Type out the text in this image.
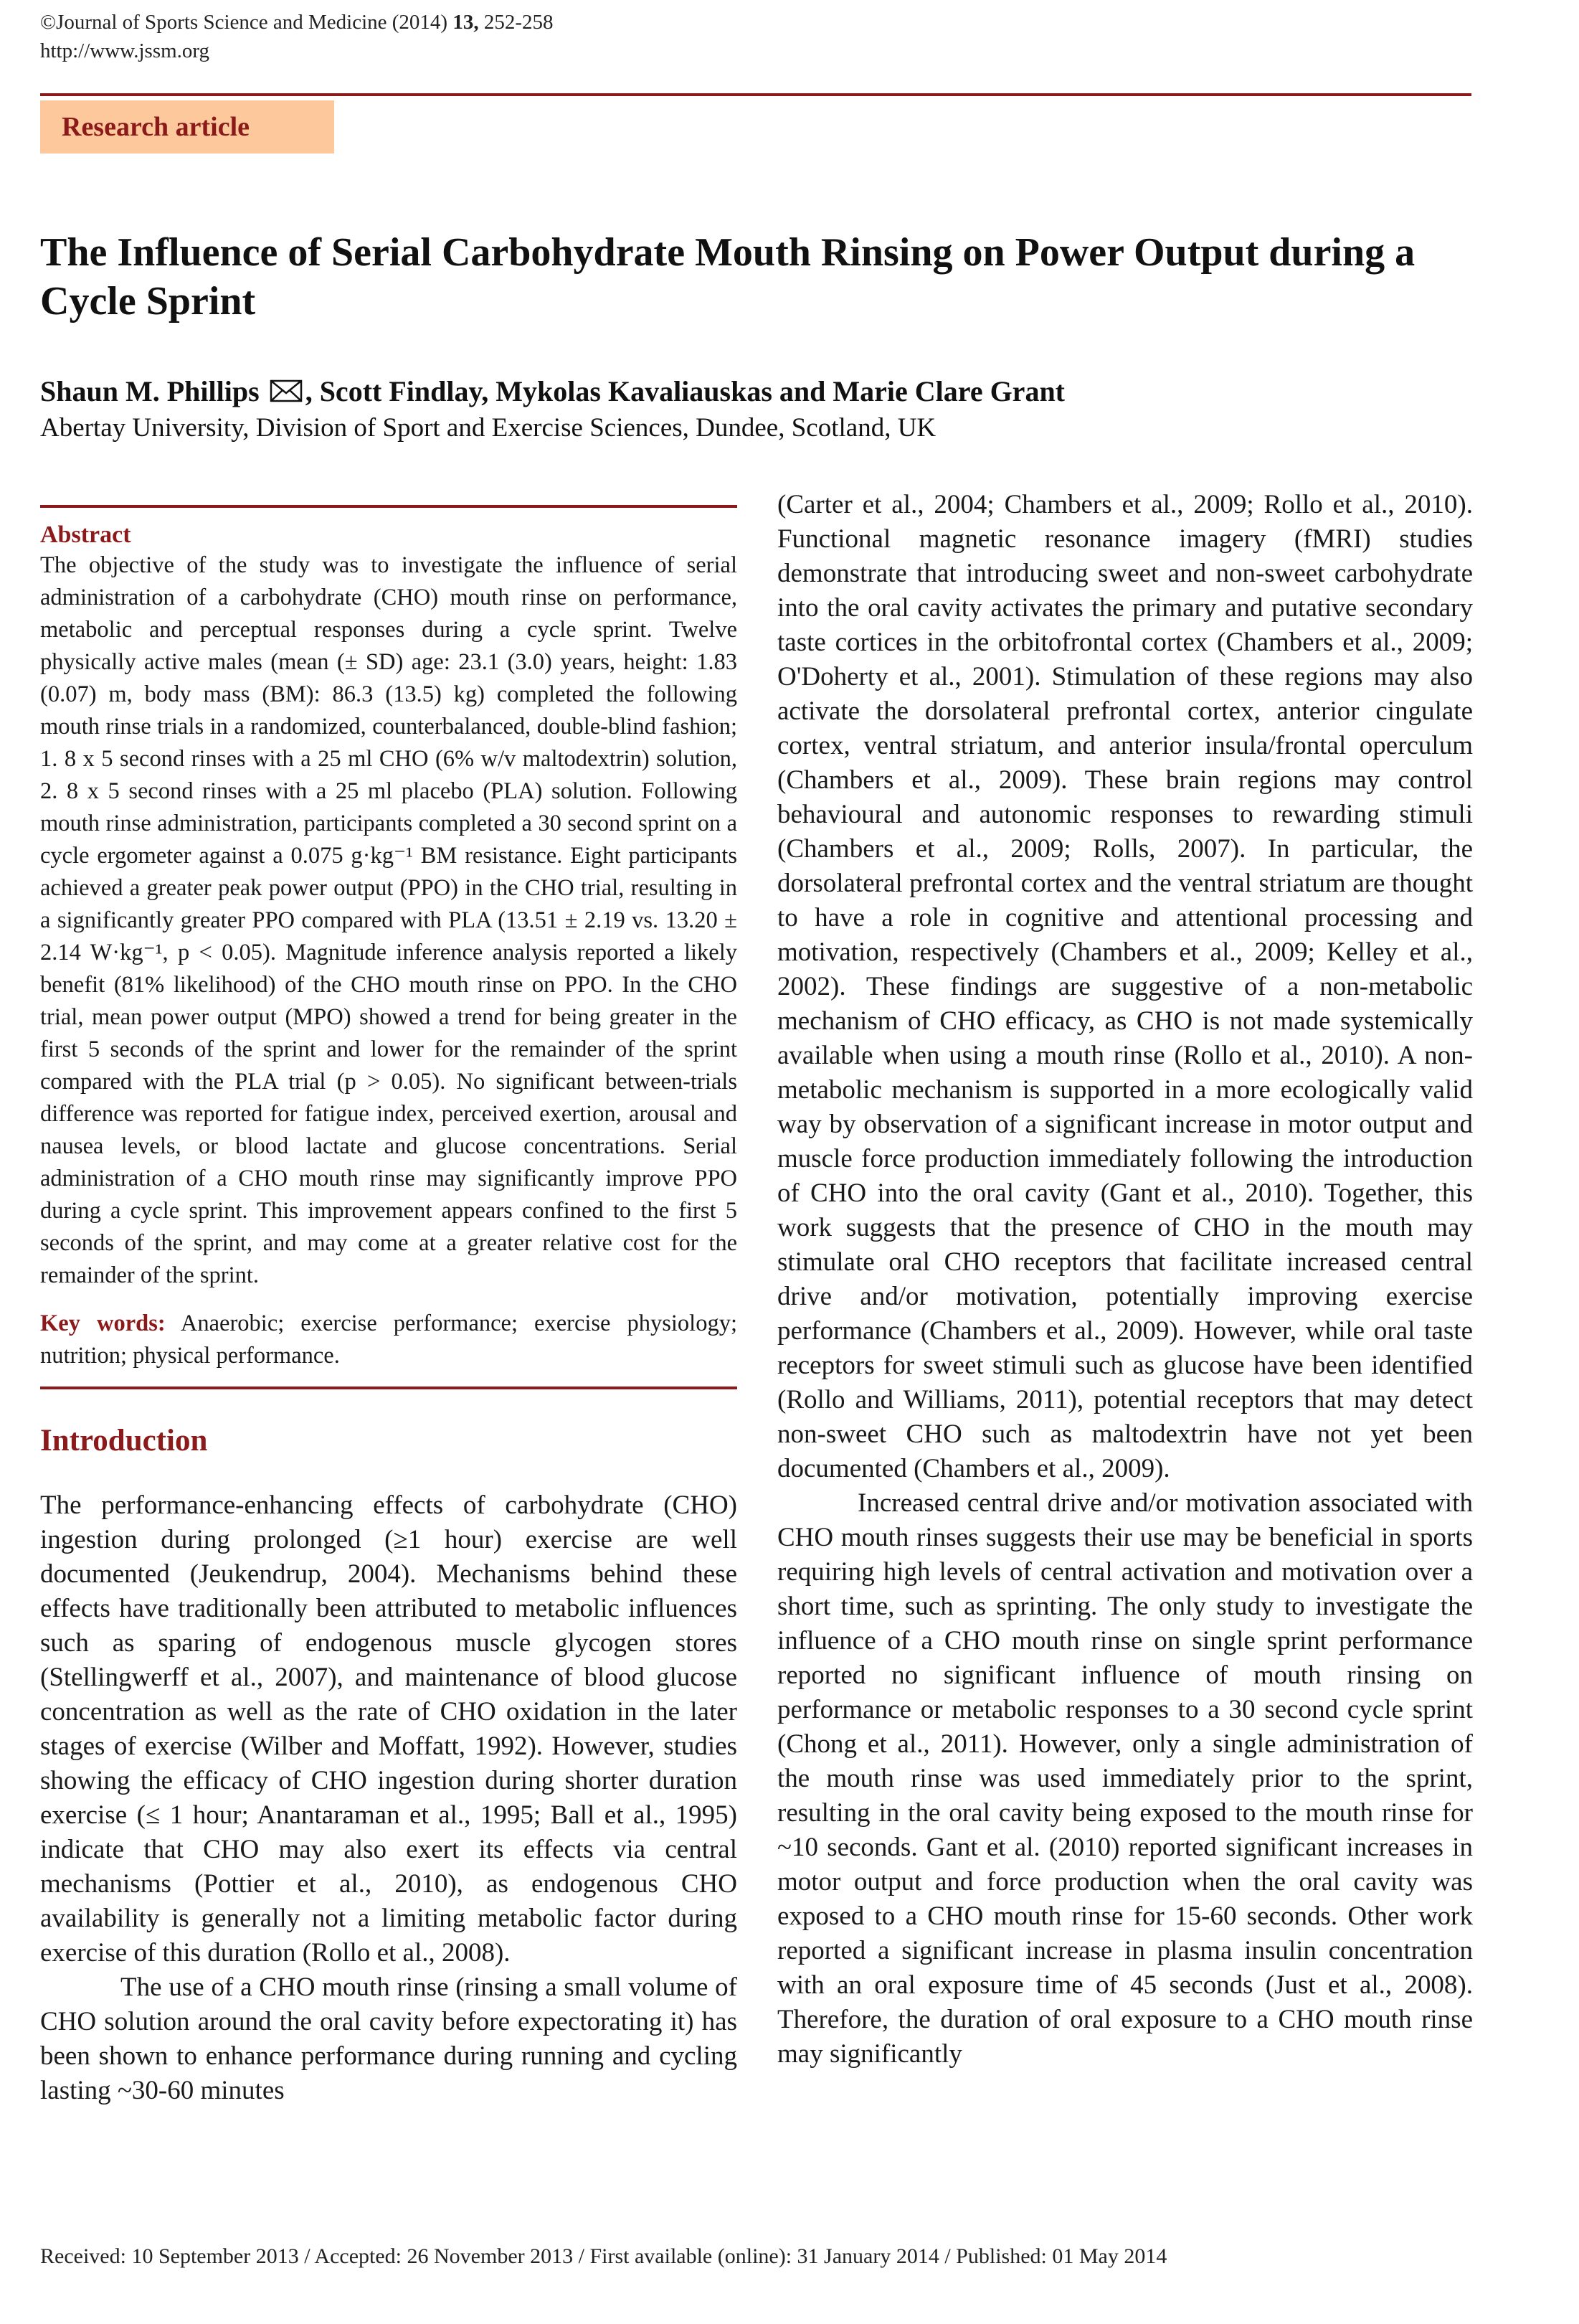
©Journal of Sports Science and Medicine (2014) 13, 252-258
http://www.jssm.org
Research article
The Influence of Serial Carbohydrate Mouth Rinsing on Power Output during a Cycle Sprint
Shaun M. Phillips , Scott Findlay, Mykolas Kavaliauskas and Marie Clare Grant
Abertay University, Division of Sport and Exercise Sciences, Dundee, Scotland, UK
Abstract

The objective of the study was to investigate the influence of serial administration of a carbohydrate (CHO) mouth rinse on performance, metabolic and perceptual responses during a cycle sprint. Twelve physically active males (mean (± SD) age: 23.1 (3.0) years, height: 1.83 (0.07) m, body mass (BM): 86.3 (13.5) kg) completed the following mouth rinse trials in a randomized, counterbalanced, double-blind fashion; 1. 8 x 5 second rinses with a 25 ml CHO (6% w/v maltodextrin) solution, 2. 8 x 5 second rinses with a 25 ml placebo (PLA) solution. Following mouth rinse administration, participants completed a 30 second sprint on a cycle ergometer against a 0.075 g·kg⁻¹ BM resistance. Eight participants achieved a greater peak power output (PPO) in the CHO trial, resulting in a significantly greater PPO compared with PLA (13.51 ± 2.19 vs. 13.20 ± 2.14 W·kg⁻¹, p < 0.05). Magnitude inference analysis reported a likely benefit (81% likelihood) of the CHO mouth rinse on PPO. In the CHO trial, mean power output (MPO) showed a trend for being greater in the first 5 seconds of the sprint and lower for the remainder of the sprint compared with the PLA trial (p > 0.05). No significant between-trials difference was reported for fatigue index, perceived exertion, arousal and nausea levels, or blood lactate and glucose concentrations. Serial administration of a CHO mouth rinse may significantly improve PPO during a cycle sprint. This improvement appears confined to the first 5 seconds of the sprint, and may come at a greater relative cost for the remainder of the sprint.

Key words: Anaerobic; exercise performance; exercise physiology; nutrition; physical performance.
Introduction

The performance-enhancing effects of carbohydrate (CHO) ingestion during prolonged (≥1 hour) exercise are well documented (Jeukendrup, 2004). Mechanisms behind these effects have traditionally been attributed to metabolic influences such as sparing of endogenous muscle glycogen stores (Stellingwerff et al., 2007), and maintenance of blood glucose concentration as well as the rate of CHO oxidation in the later stages of exercise (Wilber and Moffatt, 1992). However, studies showing the efficacy of CHO ingestion during shorter duration exercise (≤ 1 hour; Anantaraman et al., 1995; Ball et al., 1995) indicate that CHO may also exert its effects via central mechanisms (Pottier et al., 2010), as endogenous CHO availability is generally not a limiting metabolic factor during exercise of this duration (Rollo et al., 2008).

The use of a CHO mouth rinse (rinsing a small volume of CHO solution around the oral cavity before expectorating it) has been shown to enhance performance during running and cycling lasting ~30-60 minutes

(Carter et al., 2004; Chambers et al., 2009; Rollo et al., 2010). Functional magnetic resonance imagery (fMRI) studies demonstrate that introducing sweet and non-sweet carbohydrate into the oral cavity activates the primary and putative secondary taste cortices in the orbitofrontal cortex (Chambers et al., 2009; O'Doherty et al., 2001). Stimulation of these regions may also activate the dorsolateral prefrontal cortex, anterior cingulate cortex, ventral striatum, and anterior insula/frontal operculum (Chambers et al., 2009). These brain regions may control behavioural and autonomic responses to rewarding stimuli (Chambers et al., 2009; Rolls, 2007). In particular, the dorsolateral prefrontal cortex and the ventral striatum are thought to have a role in cognitive and attentional processing and motivation, respectively (Chambers et al., 2009; Kelley et al., 2002). These findings are suggestive of a non-metabolic mechanism of CHO efficacy, as CHO is not made systemically available when using a mouth rinse (Rollo et al., 2010). A non-metabolic mechanism is supported in a more ecologically valid way by observation of a significant increase in motor output and muscle force production immediately following the introduction of CHO into the oral cavity (Gant et al., 2010). Together, this work suggests that the presence of CHO in the mouth may stimulate oral CHO receptors that facilitate increased central drive and/or motivation, potentially improving exercise performance (Chambers et al., 2009). However, while oral taste receptors for sweet stimuli such as glucose have been identified (Rollo and Williams, 2011), potential receptors that may detect non-sweet CHO such as maltodextrin have not yet been documented (Chambers et al., 2009).

Increased central drive and/or motivation associated with CHO mouth rinses suggests their use may be beneficial in sports requiring high levels of central activation and motivation over a short time, such as sprinting. The only study to investigate the influence of a CHO mouth rinse on single sprint performance reported no significant influence of mouth rinsing on performance or metabolic responses to a 30 second cycle sprint (Chong et al., 2011). However, only a single administration of the mouth rinse was used immediately prior to the sprint, resulting in the oral cavity being exposed to the mouth rinse for ~10 seconds. Gant et al. (2010) reported significant increases in motor output and force production when the oral cavity was exposed to a CHO mouth rinse for 15-60 seconds. Other work reported a significant increase in plasma insulin concentration with an oral exposure time of 45 seconds (Just et al., 2008). Therefore, the duration of oral exposure to a CHO mouth rinse may significantly

Received: 10 September 2013 / Accepted: 26 November 2013 / First available (online): 31 January 2014 / Published: 01 May 2014
